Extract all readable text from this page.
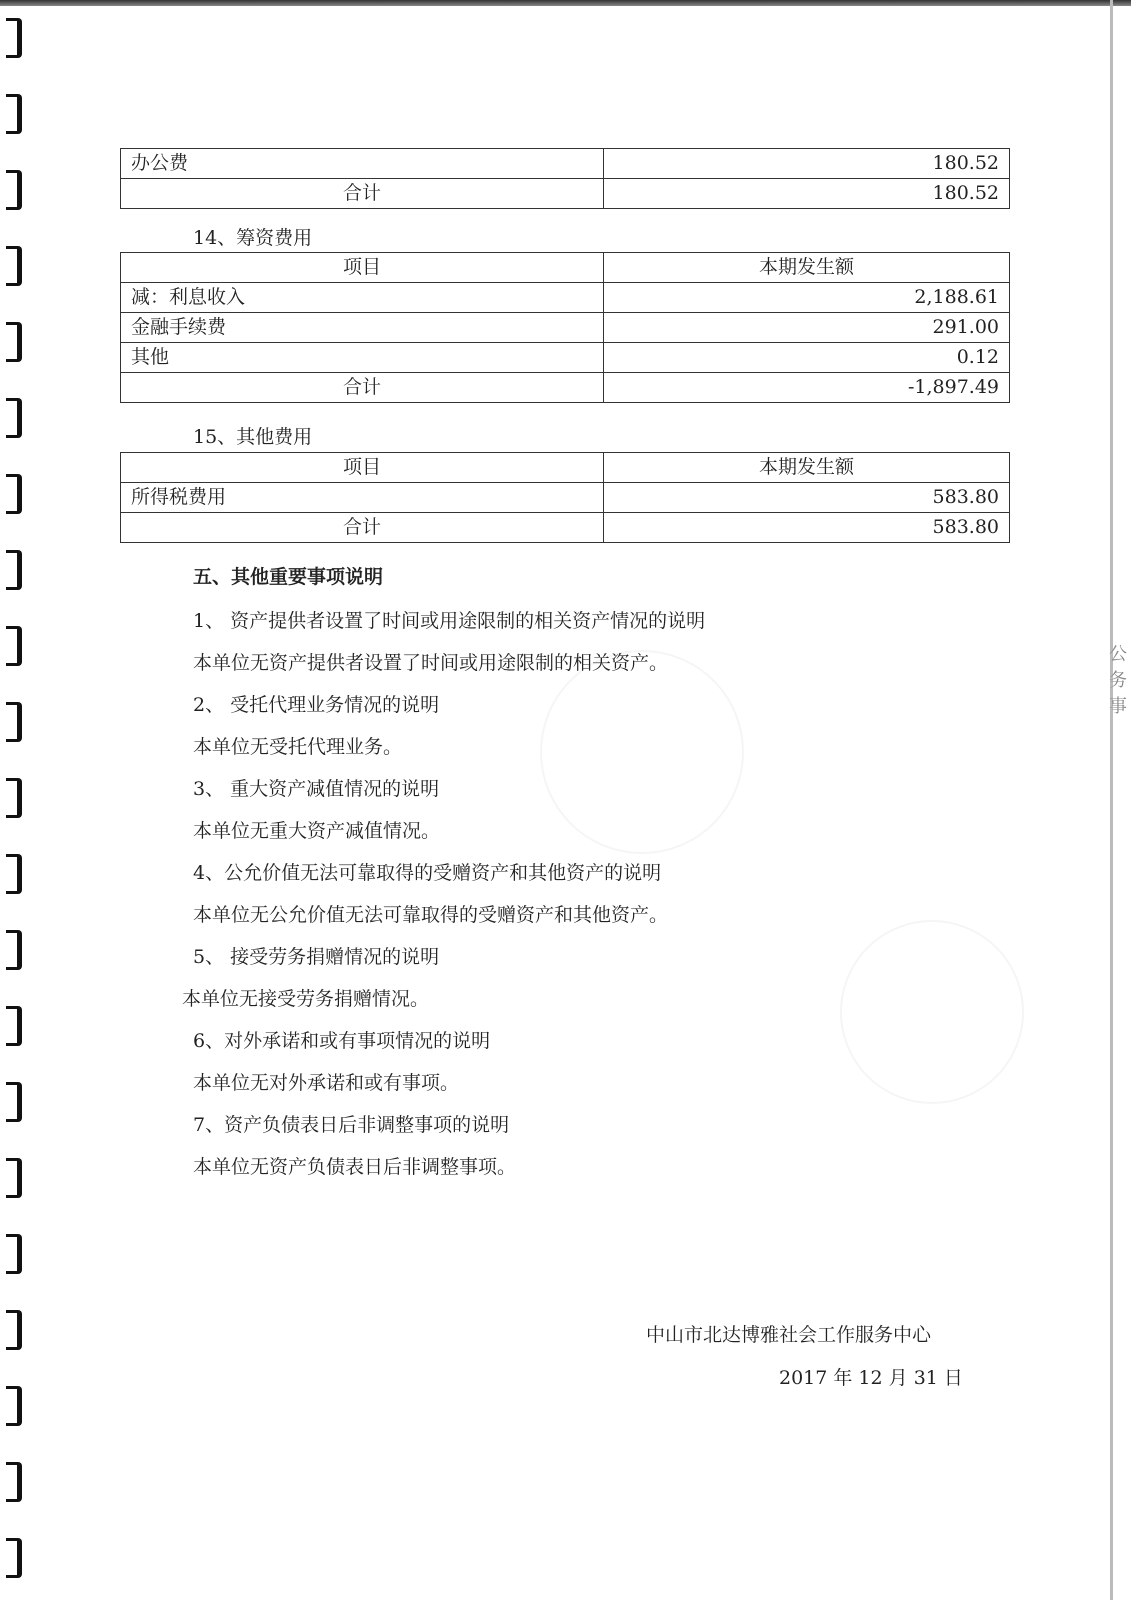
办公费	180.52
合计	180.52
14、筹资费用
项目	本期发生额
减：利息收入	2,188.61
金融手续费	291.00
其他	0.12
合计	-1,897.49
15、其他费用
项目	本期发生额
所得税费用	583.80
合计	583.80
五、其他重要事项说明
1、 资产提供者设置了时间或用途限制的相关资产情况的说明
本单位无资产提供者设置了时间或用途限制的相关资产。
2、 受托代理业务情况的说明
本单位无受托代理业务。
3、 重大资产减值情况的说明
本单位无重大资产减值情况。
4、公允价值无法可靠取得的受赠资产和其他资产的说明
本单位无公允价值无法可靠取得的受赠资产和其他资产。
5、 接受劳务捐赠情况的说明
本单位无接受劳务捐赠情况。
6、对外承诺和或有事项情况的说明
本单位无对外承诺和或有事项。
7、资产负债表日后非调整事项的说明
本单位无资产负债表日后非调整事项。
中山市北达博雅社会工作服务中心
2017 年 12 月 31 日
公务事
